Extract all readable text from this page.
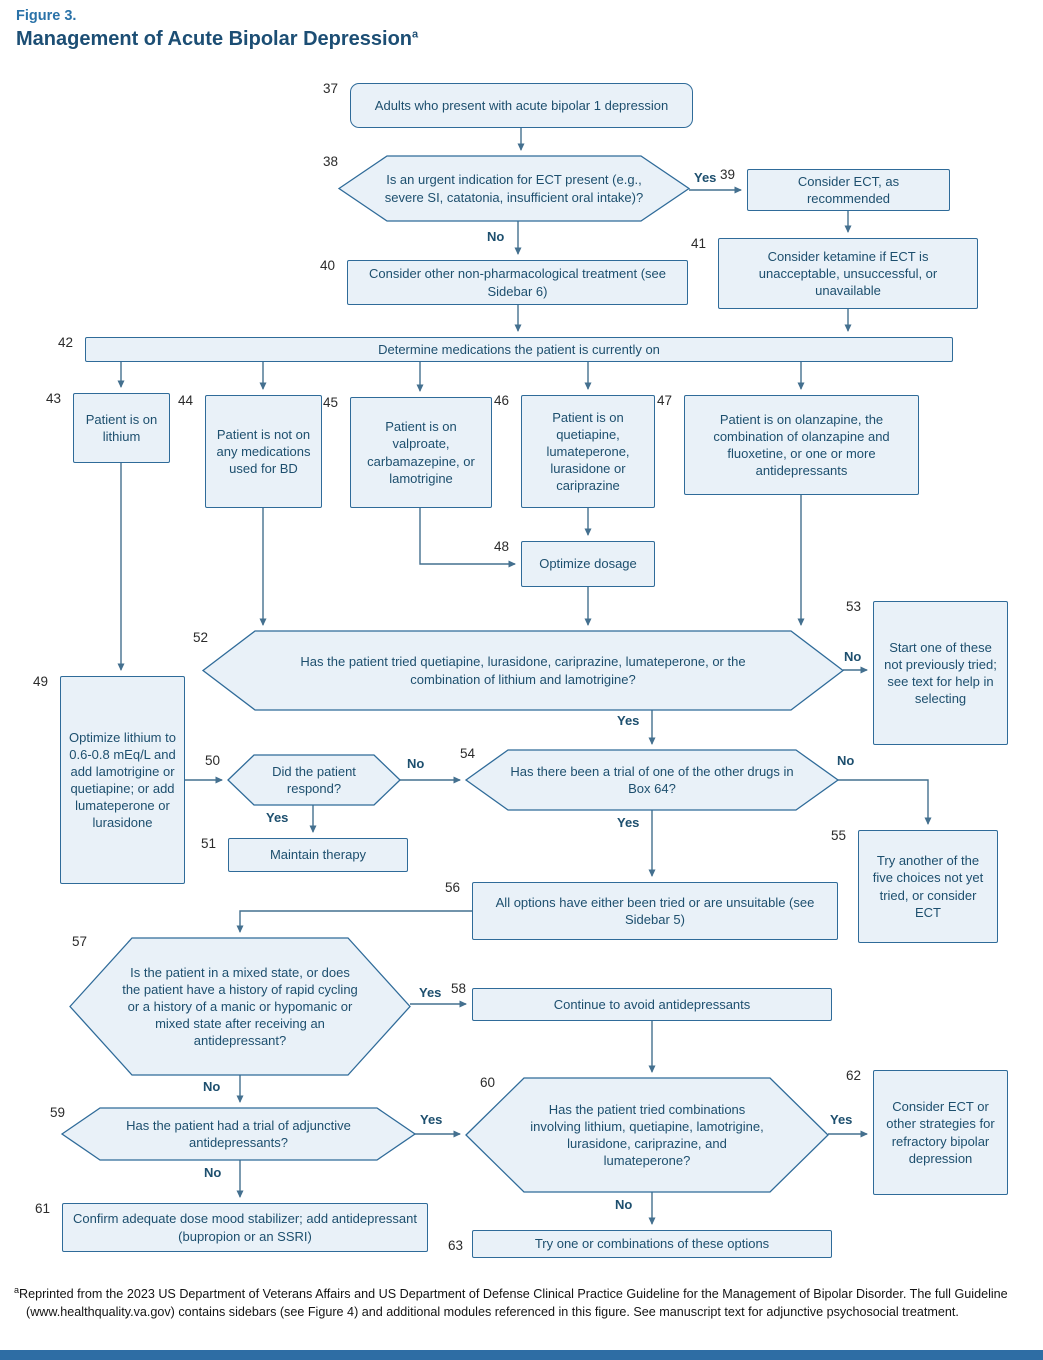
Figure 3.
Management of Acute Bipolar Depression$^a$
37
Adults who present with acute bipolar 1 depression
38
Is an urgent indication for ECT present (e.g., severe SI, catatonia, insufficient oral intake)?
39	Consider ECT, as recommended
40
Consider other non-pharmacological treatment (see Sidebar 6)
41
Consider ketamine if ECT is unacceptable, unsuccessful, or unavailable
42	Determine medications the patient is currently on
43
Patient is on lithium
44
Patient is not on any medications used for BD
45
Patient is on valproate, carbamazepine, or lamotrigine
46
Patient is on quetiapine, lumateperone, lurasidone or cariprazine
47
Patient is on olanzapine, the combination of olanzapine and fluoxetine, or one or more antidepressants
48
Optimize dosage
49
Optimize lithium to 0.6-0.8 mEq/L and add lamotrigine or quetiapine; or add lumateperone or lurasidone
50
Did the patient respond?
51
Maintain therapy
52
Has the patient tried quetiapine, lurasidone, cariprazine, lumateperone, or the combination of lithium and lamotrigine?
53
Start one of these not previously tried; see text for help in selecting
54
Has there been a trial of one of the other drugs in Box 64?
55
Try another of the five choices not yet tried, or consider ECT
56
All options have either been tried or are unsuitable (see Sidebar 5)
57
Is the patient in a mixed state, or does the patient have a history of rapid cycling or a history of a manic or hypomanic or mixed state after receiving an antidepressant?
58
Continue to avoid antidepressants
59
Has the patient had a trial of adjunctive antidepressants?
60
Has the patient tried combinations involving lithium, quetiapine, lamotrigine, lurasidone, cariprazine, and lumateperone?
61
Confirm adequate dose mood stabilizer; add antidepressant (bupropion or an SSRI)
62
Consider ECT or other strategies for refractory bipolar depression
63	Try one or combinations of these options
Yes
No
No
Yes
No
Yes
No
Yes
Yes
No
Yes
No
Yes
No

$^a$Reprinted from the 2023 US Department of Veterans Affairs and US Department of Defense Clinical Practice Guideline for the Management of Bipolar Disorder. The full Guideline (www.healthquality.va.gov) contains sidebars (see Figure 4) and additional modules referenced in this figure. See manuscript text for adjunctive psychosocial treatment.
